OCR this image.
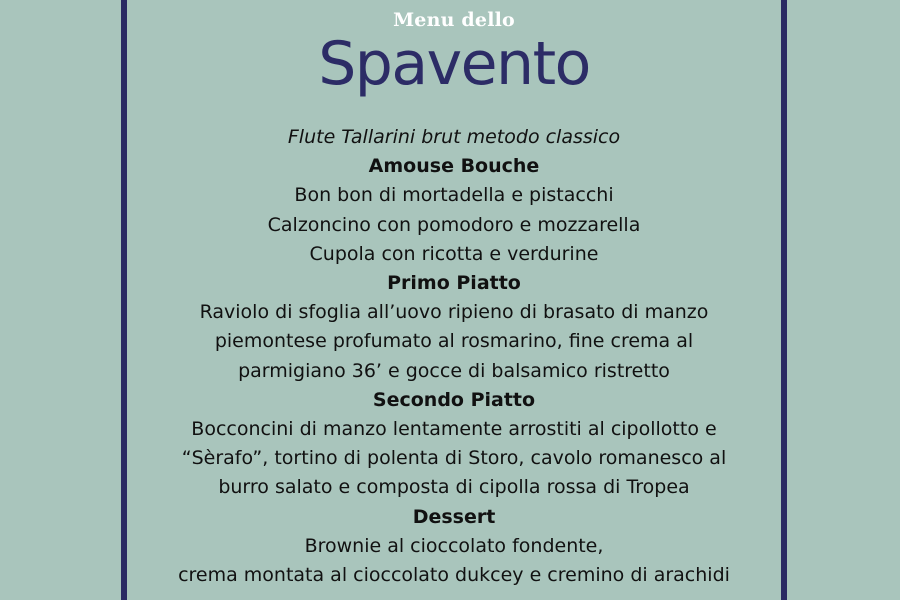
Menu dello
Spavento
Flute Tallarini brut metodo classico
Amouse Bouche
Bon bon di mortadella e pistacchi
Calzoncino con pomodoro e mozzarella
Cupola con ricotta e verdurine
Primo Piatto
Raviolo di sfoglia all’uovo ripieno di brasato di manzo
piemontese profumato al rosmarino, fine crema al
parmigiano 36’ e gocce di balsamico ristretto
Secondo Piatto
Bocconcini di manzo lentamente arrostiti al cipollotto e
“Sèrafo”, tortino di polenta di Storo, cavolo romanesco al
burro salato e composta di cipolla rossa di Tropea
Dessert
Brownie al cioccolato fondente,
crema montata al cioccolato dukcey e cremino di arachidi
